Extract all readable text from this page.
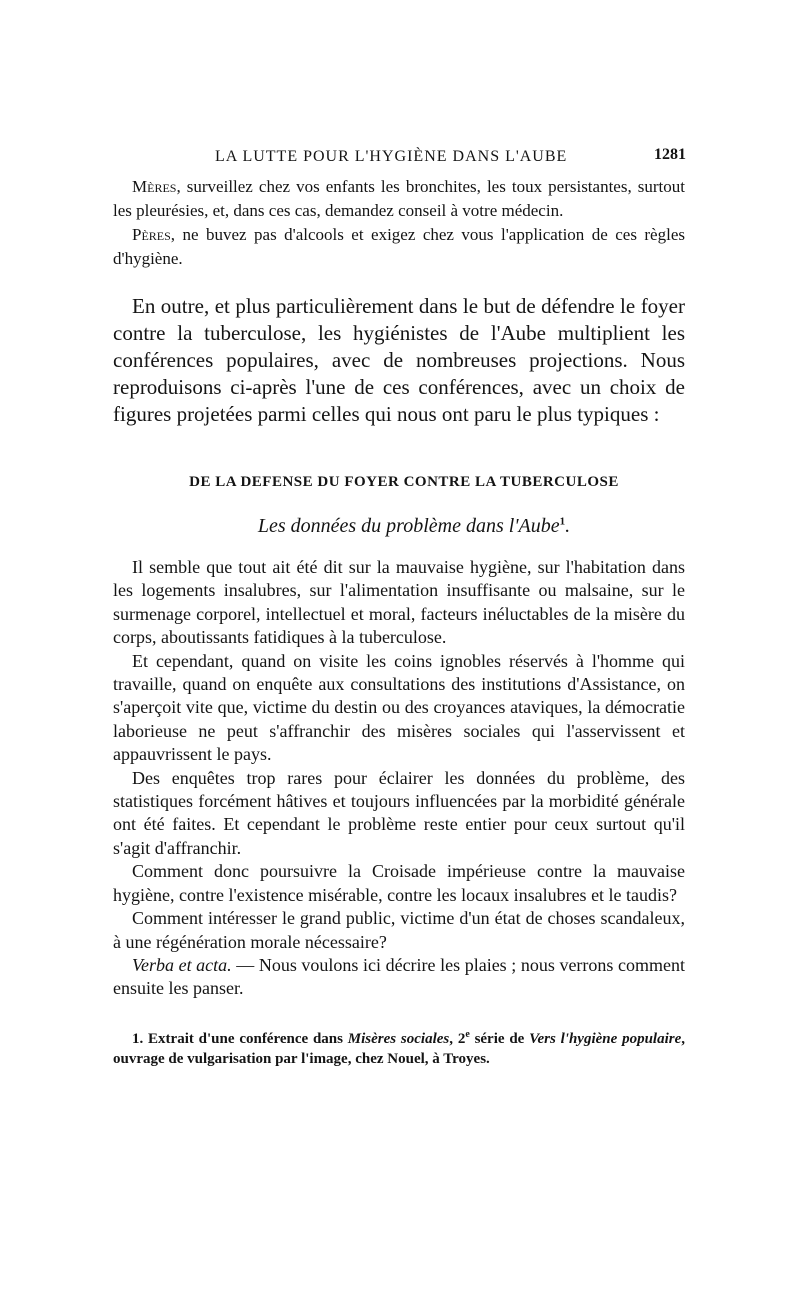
LA LUTTE POUR L'HYGIÈNE DANS L'AUBE	1281

Mères, surveillez chez vos enfants les bronchites, les toux persistantes, surtout les pleurésies, et, dans ces cas, demandez conseil à votre médecin.

Pères, ne buvez pas d'alcools et exigez chez vous l'application de ces règles d'hygiène.

En outre, et plus particulièrement dans le but de défendre le foyer contre la tuberculose, les hygiénistes de l'Aube multiplient les conférences populaires, avec de nombreuses projections. Nous reproduisons ci-après l'une de ces conférences, avec un choix de figures projetées parmi celles qui nous ont paru le plus typiques :

DE LA DEFENSE DU FOYER CONTRE LA TUBERCULOSE
Les données du problème dans l'Aube$^1$.

Il semble que tout ait été dit sur la mauvaise hygiène, sur l'habitation dans les logements insalubres, sur l'alimentation insuffisante ou malsaine, sur le surmenage corporel, intellectuel et moral, facteurs inéluctables de la misère du corps, aboutissants fatidiques à la tuberculose.

Et cependant, quand on visite les coins ignobles réservés à l'homme qui travaille, quand on enquête aux consultations des institutions d'Assistance, on s'aperçoit vite que, victime du destin ou des croyances ataviques, la démocratie laborieuse ne peut s'affranchir des misères sociales qui l'asservissent et appauvrissent le pays.

Des enquêtes trop rares pour éclairer les données du problème, des statistiques forcément hâtives et toujours influencées par la morbidité générale ont été faites. Et cependant le problème reste entier pour ceux surtout qu'il s'agit d'affranchir.

Comment donc poursuivre la Croisade impérieuse contre la mauvaise hygiène, contre l'existence misérable, contre les locaux insalubres et le taudis?

Comment intéresser le grand public, victime d'un état de choses scandaleux, à une régénération morale nécessaire?

Verba et acta. — Nous voulons ici décrire les plaies ; nous verrons comment ensuite les panser.

1. Extrait d'une conférence dans Misères sociales, 2e série de Vers l'hygiène populaire, ouvrage de vulgarisation par l'image, chez Nouel, à Troyes.
